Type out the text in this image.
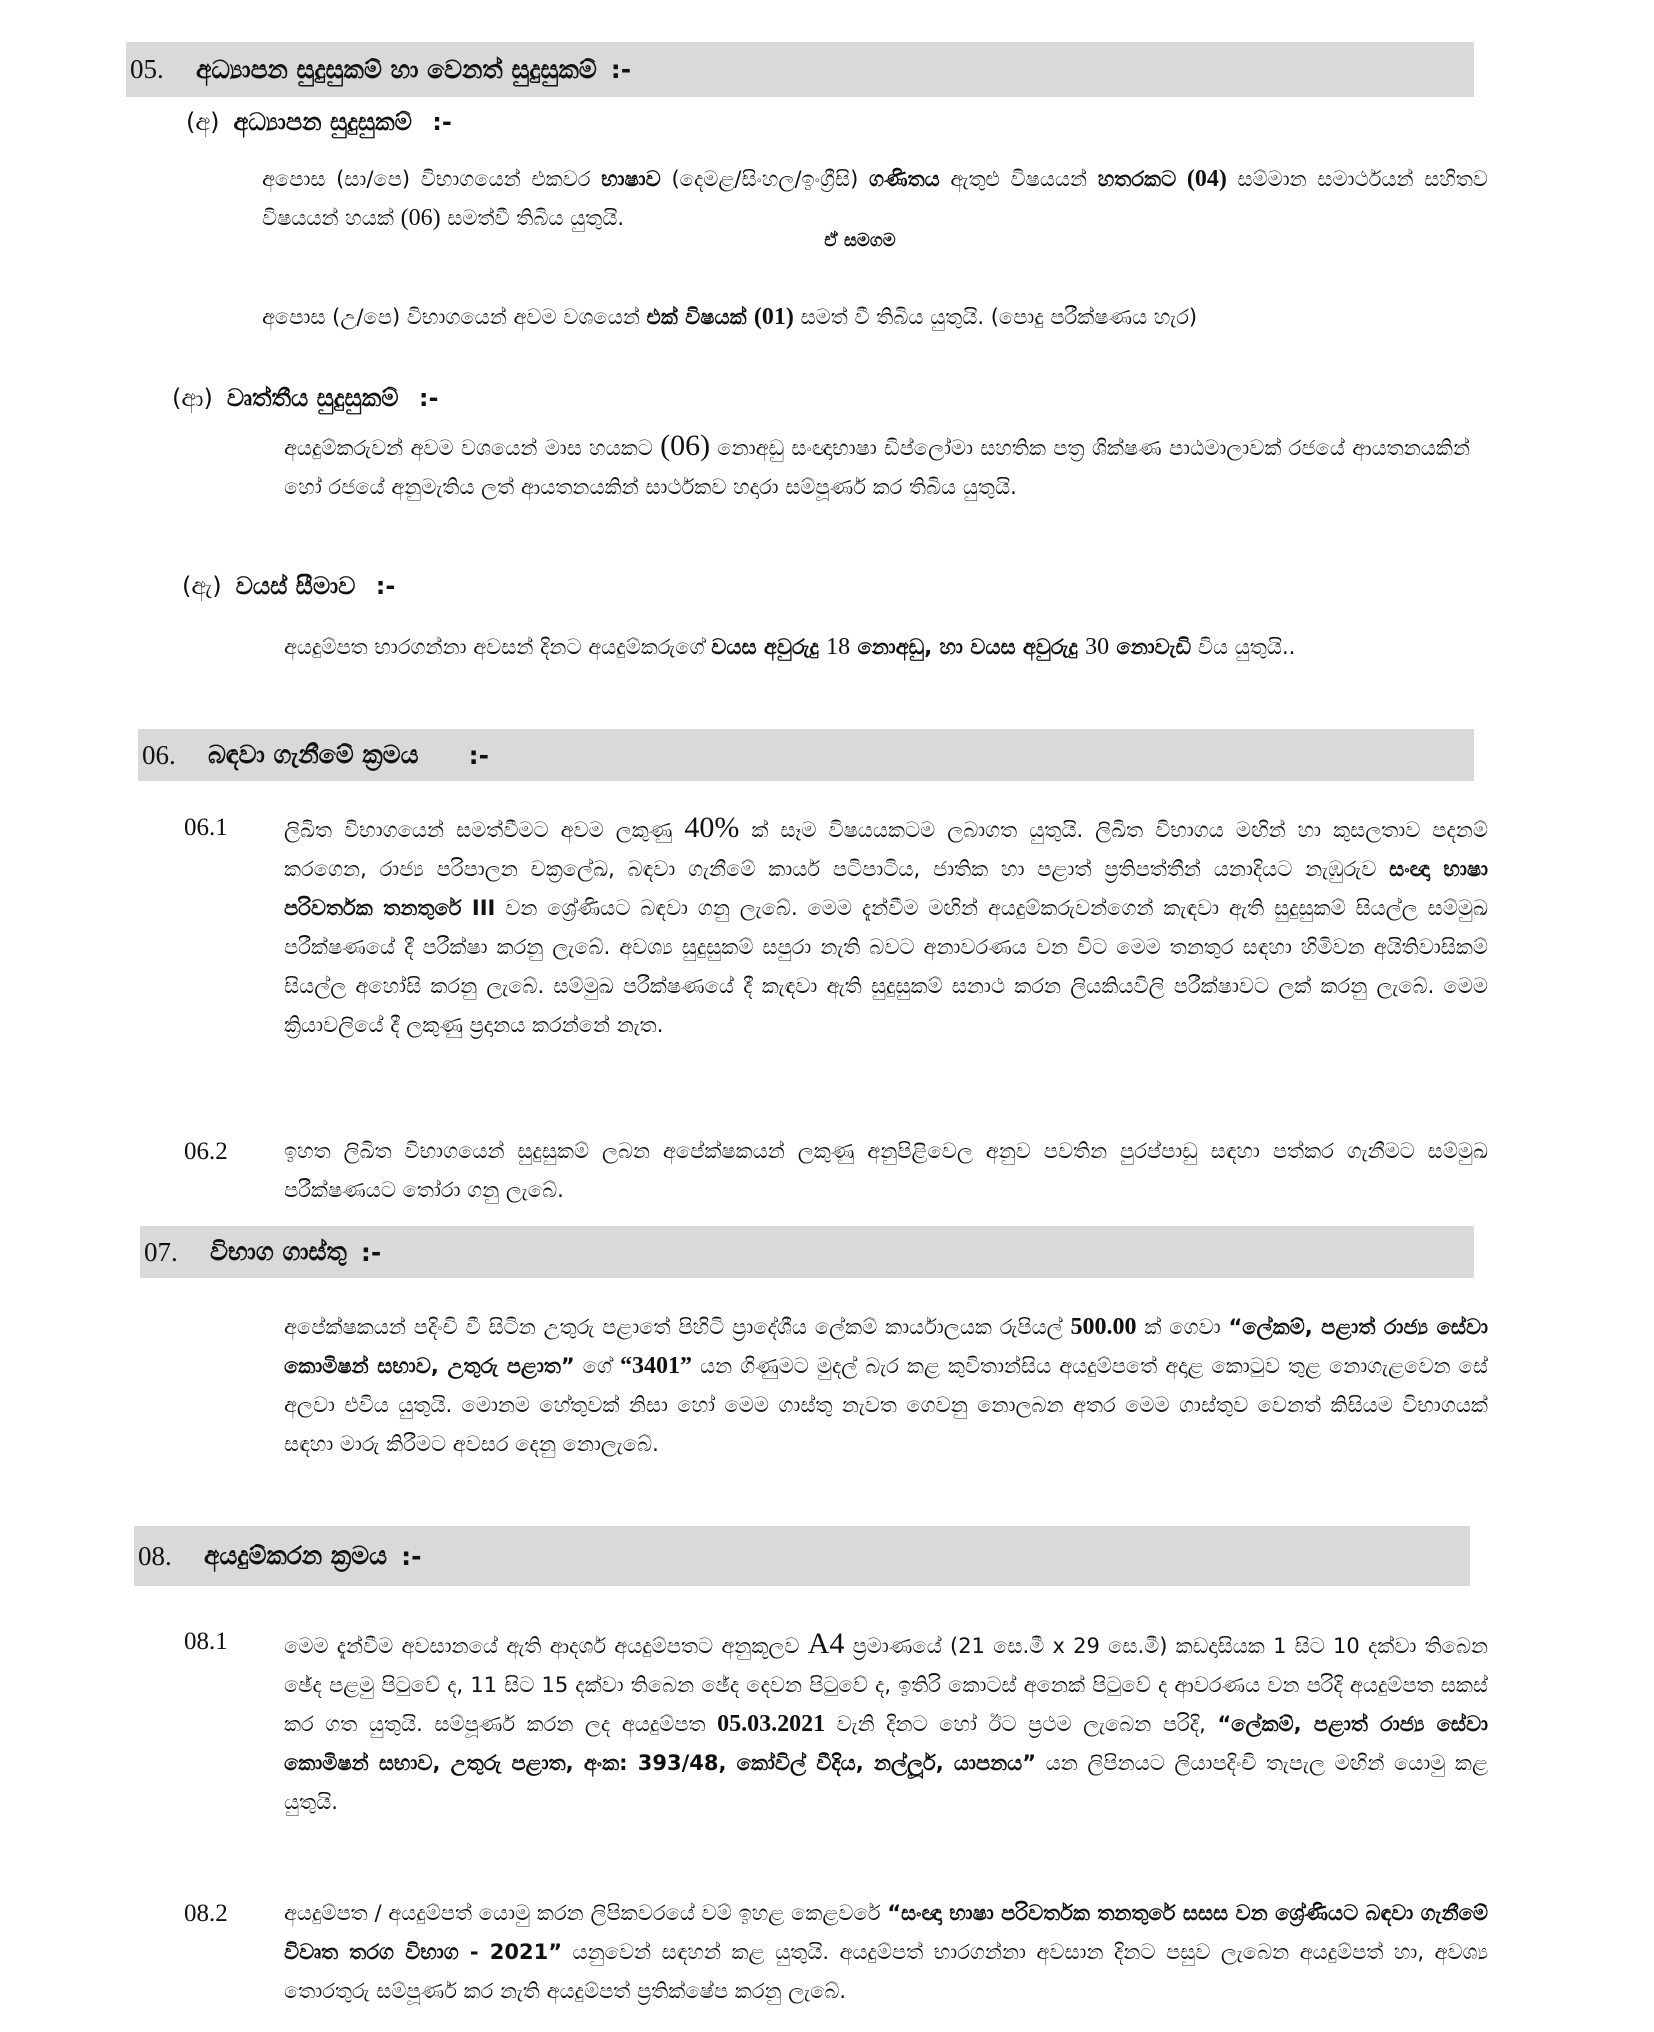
05.	අධ්‍යාපන සුදුසුකම් හා වෙනත් සුදුසුකම් :-
(අ) අධ්‍යාපන සුදුසුකම් :-
අපොස (සා/පෙ) විභාගයෙන් එකවර භාෂාව (දෙමළ/සිංහල/ඉංග්‍රීසි) ගණිතය ඇතුළු විෂයයන් හතරකට (04) සම්මාන සමාර්ථයන් සහිතව විෂයයන් හයක් (06) සමත්වී තිබිය යුතුයි.
ඒ සමගම
අපොස (උ/පෙ) විභාගයෙන් අවම වශයෙන් එක් විෂයක් (01) සමත් වී තිබිය යුතුයි. (පොදු පරීක්ෂණය හැර)
(ආ) වෘත්තීය සුදුසුකම් :-
අයදුම්කරුවන් අවම වශයෙන් මාස හයකට (06) නොඅඩු සංඥාභාෂා ඩිප්ලෝමා සහතික පත්‍ර ශික්ෂණ පාඨමාලාවක් රජයේ ආයතනයකින් හෝ රජයේ අනුමැතිය ලත් ආයතනයකින් සාර්ථකව හදාරා සම්පූර්ණ කර තිබිය යුතුයි.
(ඇ) වයස් සීමාව :-
අයදුම්පත භාරගන්නා අවසන් දිනට අයදුම්කරුගේ වයස අවුරුදු 18 නොඅඩු, හා වයස අවුරුදු 30 නොවැඩි විය යුතුයි..
06.	බඳවා ගැනීමේ ක්‍රමය :-
06.1	ලිඛිත විභාගයෙන් සමත්වීමට අවම ලකුණු 40% ක් සෑම විෂයයකටම ලබාගත යුතුයි. ලිඛිත විභාගය මඟින් හා කුසලතාව පදනම් කරගෙන, රාජ්‍ය පරිපාලන චක්‍රලේඛ, බඳවා ගැනීමේ කාර්ය පටිපාටිය, ජාතික හා පළාත් ප්‍රතිපත්තීන් යනාදියට නැඹුරුව සංඥා භාෂා පරිවර්තක තනතුරේ III වන ශ්‍රේණියට බඳවා ගනු ලැබේ. මෙම දැන්වීම මඟින් අයදුම්කරුවන්ගෙන් කැඳවා ඇති සුදුසුකම් සියල්ල සම්මුඛ පරීක්ෂණයේ දී පරීක්ෂා කරනු ලැබේ. අවශ්‍ය සුදුසුකම් සපුරා නැති බවට අනාවරණය වන විට මෙම තනතුර සඳහා හිමිවන අයිතිවාසිකම් සියල්ල අහෝසි කරනු ලැබේ. සම්මුඛ පරීක්ෂණයේ දී කැඳවා ඇති සුදුසුකම් සනාථ කරන ලියකියවිලි පරීක්ෂාවට ලක් කරනු ලැබේ. මෙම ක්‍රියාවලියේ දී ලකුණු ප්‍රදානය කරන්නේ නැත.
06.2	ඉහත ලිඛිත විභාගයෙන් සුදුසුකම් ලබන අපේක්ෂකයන් ලකුණු අනුපිළිවෙල අනුව පවතින පුරප්පාඩු සඳහා පත්කර ගැනීමට සම්මුඛ පරීක්ෂණයට තෝරා ගනු ලැබේ.
07.	විභාග ගාස්තු :-
අපේක්ෂකයන් පදිංචි වී සිටින උතුරු පළාතේ පිහිටි ප්‍රාදේශීය ලේකම් කාර්යාලයක රුපියල් 500.00 ක් ගෙවා “ලේකම්, පළාත් රාජ්‍ය සේවා කොමිෂන් සභාව, උතුරු පළාත” ගේ “3401” යන ගිණුමට මුදල් බැර කළ කුවිතාන්සිය අයදුම්පතේ අදාළ කොටුව තුළ නොගැළවෙන සේ අලවා එවිය යුතුයි. මොනම හේතුවක් නිසා හෝ මෙම ගාස්තු නැවත ගෙවනු නොලබන අතර මෙම ගාස්තුව වෙනත් කිසියම විභාගයක් සඳහා මාරු කිරීමට අවසර දෙනු නොලැබේ.
08.	අයදුම්කරන ක්‍රමය :-
08.1	මෙම දැන්වීම අවසානයේ ඇති ආදර්ශ අයදුම්පතට අනුකූලව A4 ප්‍රමාණයේ (21 සෙ.මී x 29 සෙ.මී) කඩදාසියක 1 සිට 10 දක්වා තිබෙන ඡේද පළමු පිටුවේ ද, 11 සිට 15 දක්වා තිබෙන ඡේද දෙවන පිටුවේ ද, ඉතිරි කොටස් අනෙක් පිටුවේ ද ආවරණය වන පරිදි අයදුම්පත සකස් කර ගත යුතුයි. සම්පූර්ණ කරන ලද අයදුම්පත 05.03.2021 වැනි දිනට හෝ ඊට ප්‍රථම ලැබෙන පරිදි, “ලේකම්, පළාත් රාජ්‍ය සේවා කොමිෂන් සභාව, උතුරු පළාත, අංක: 393/48, කෝවිල් වීදිය, නල්ලූර්, යාපනය” යන ලිපිනයට ලියාපදිංචි තැපැල මඟින් යොමු කළ යුතුයි.
08.2	අයදුම්පත / අයදුම්පත් යොමු කරන ලිපිකවරයේ වම් ඉහළ කෙළවරේ “සංඥා භාෂා පරිවර්තක තනතුරේ සසස වන ශ්‍රේණියට බඳවා ගැනීමේ විවෘත තරග විභාග - 2021” යනුවෙන් සඳහන් කළ යුතුයි. අයදුම්පත් භාරගන්නා අවසාන දිනට පසුව ලැබෙන අයදුම්පත් හා, අවශ්‍ය තොරතුරු සම්පූර්ණ කර නැති අයදුම්පත් ප්‍රතික්ෂේප කරනු ලැබේ.
